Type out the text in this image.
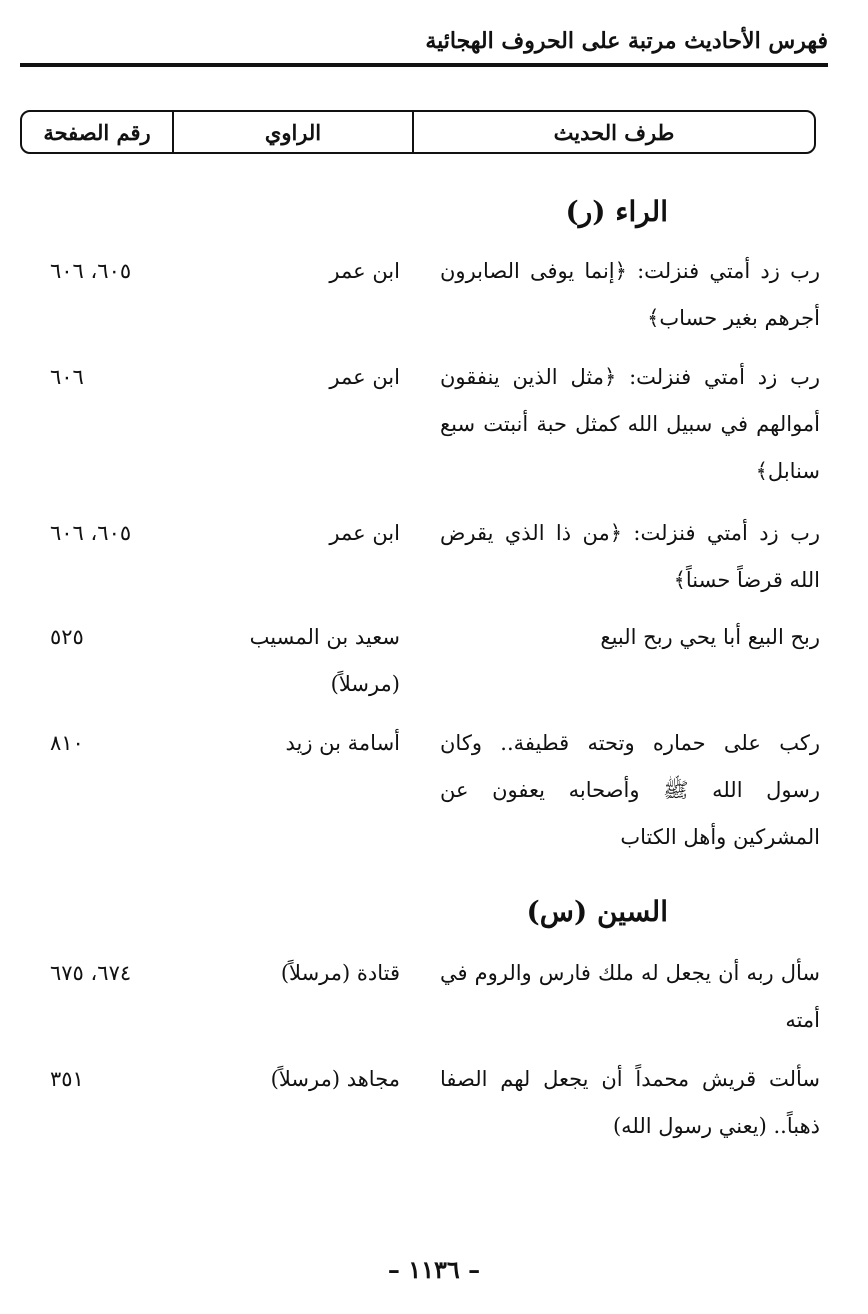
فهرس الأحاديث مرتبة على الحروف الهجائية
طرف الحديث
الراوي
رقم الصفحة
الراء (ر)
رب زد أمتي فنزلت: ﴿إنما يوفى الصابرون أجرهم بغير حساب﴾
ابن عمر
٦٠٥، ٦٠٦
رب زد أمتي فنزلت: ﴿مثل الذين ينفقون أموالهم في سبيل الله كمثل حبة أنبتت سبع سنابل﴾
ابن عمر
٦٠٦
رب زد أمتي فنزلت: ﴿من ذا الذي يقرض الله قرضاً حسناً﴾
ابن عمر
٦٠٥، ٦٠٦
ربح البيع أبا يحي ربح البيع
سعيد بن المسيب (مرسلاً)
٥٢٥
ركب على حماره وتحته قطيفة.. وكان رسول الله ﷺ وأصحابه يعفون عن المشركين وأهل الكتاب
أسامة بن زيد
٨١٠
السين (س)
سأل ربه أن يجعل له ملك فارس والروم في أمته
قتادة (مرسلاً)
٦٧٤، ٦٧٥
سألت قريش محمداً أن يجعل لهم الصفا ذهباً.. (يعني رسول الله)
مجاهد (مرسلاً)
٣٥١
– ١١٣٦ –
